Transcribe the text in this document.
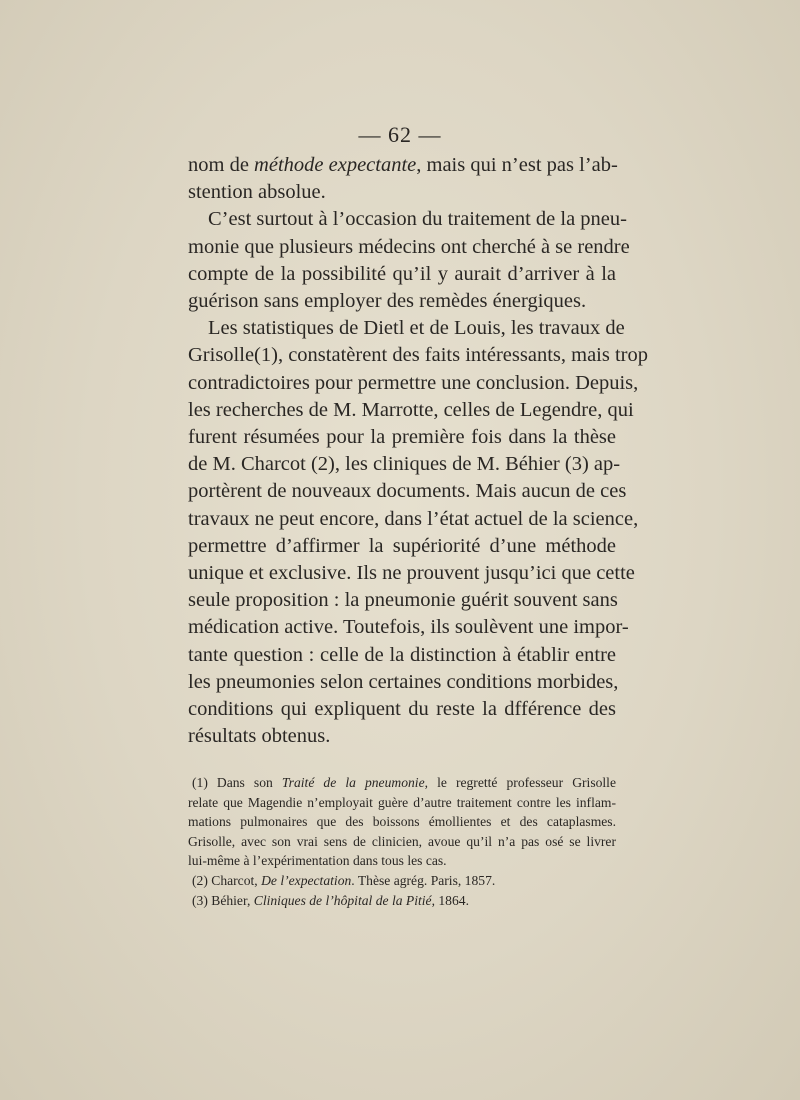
— 62 —
nom de méthode expectante, mais qui n’est pas l’ab-
stention absolue.
C’est surtout à l’occasion du traitement de la pneu-
monie que plusieurs médecins ont cherché à se rendre
compte de la possibilité qu’il y aurait d’arriver à la
guérison sans employer des remèdes énergiques.
Les statistiques de Dietl et de Louis, les travaux de
Grisolle(1), constatèrent des faits intéressants, mais trop
contradictoires pour permettre une conclusion. Depuis,
les recherches de M. Marrotte, celles de Legendre, qui
furent résumées pour la première fois dans la thèse
de M. Charcot (2), les cliniques de M. Béhier (3) ap-
portèrent de nouveaux documents. Mais aucun de ces
travaux ne peut encore, dans l’état actuel de la science,
permettre d’affirmer la supériorité d’une méthode
unique et exclusive. Ils ne prouvent jusqu’ici que cette
seule proposition : la pneumonie guérit souvent sans
médication active. Toutefois, ils soulèvent une impor-
tante question : celle de la distinction à établir entre
les pneumonies selon certaines conditions morbides,
conditions qui expliquent du reste la dfférence des
résultats obtenus.
(1) Dans son Traité de la pneumonie, le regretté professeur Grisolle
relate que Magendie n’employait guère d’autre traitement contre les inflam-
mations pulmonaires que des boissons émollientes et des cataplasmes.
Grisolle, avec son vrai sens de clinicien, avoue qu’il n’a pas osé se livrer
lui-même à l’expérimentation dans tous les cas.
(2) Charcot, De l’expectation. Thèse agrég. Paris, 1857.
(3) Béhier, Cliniques de l’hôpital de la Pitié, 1864.
